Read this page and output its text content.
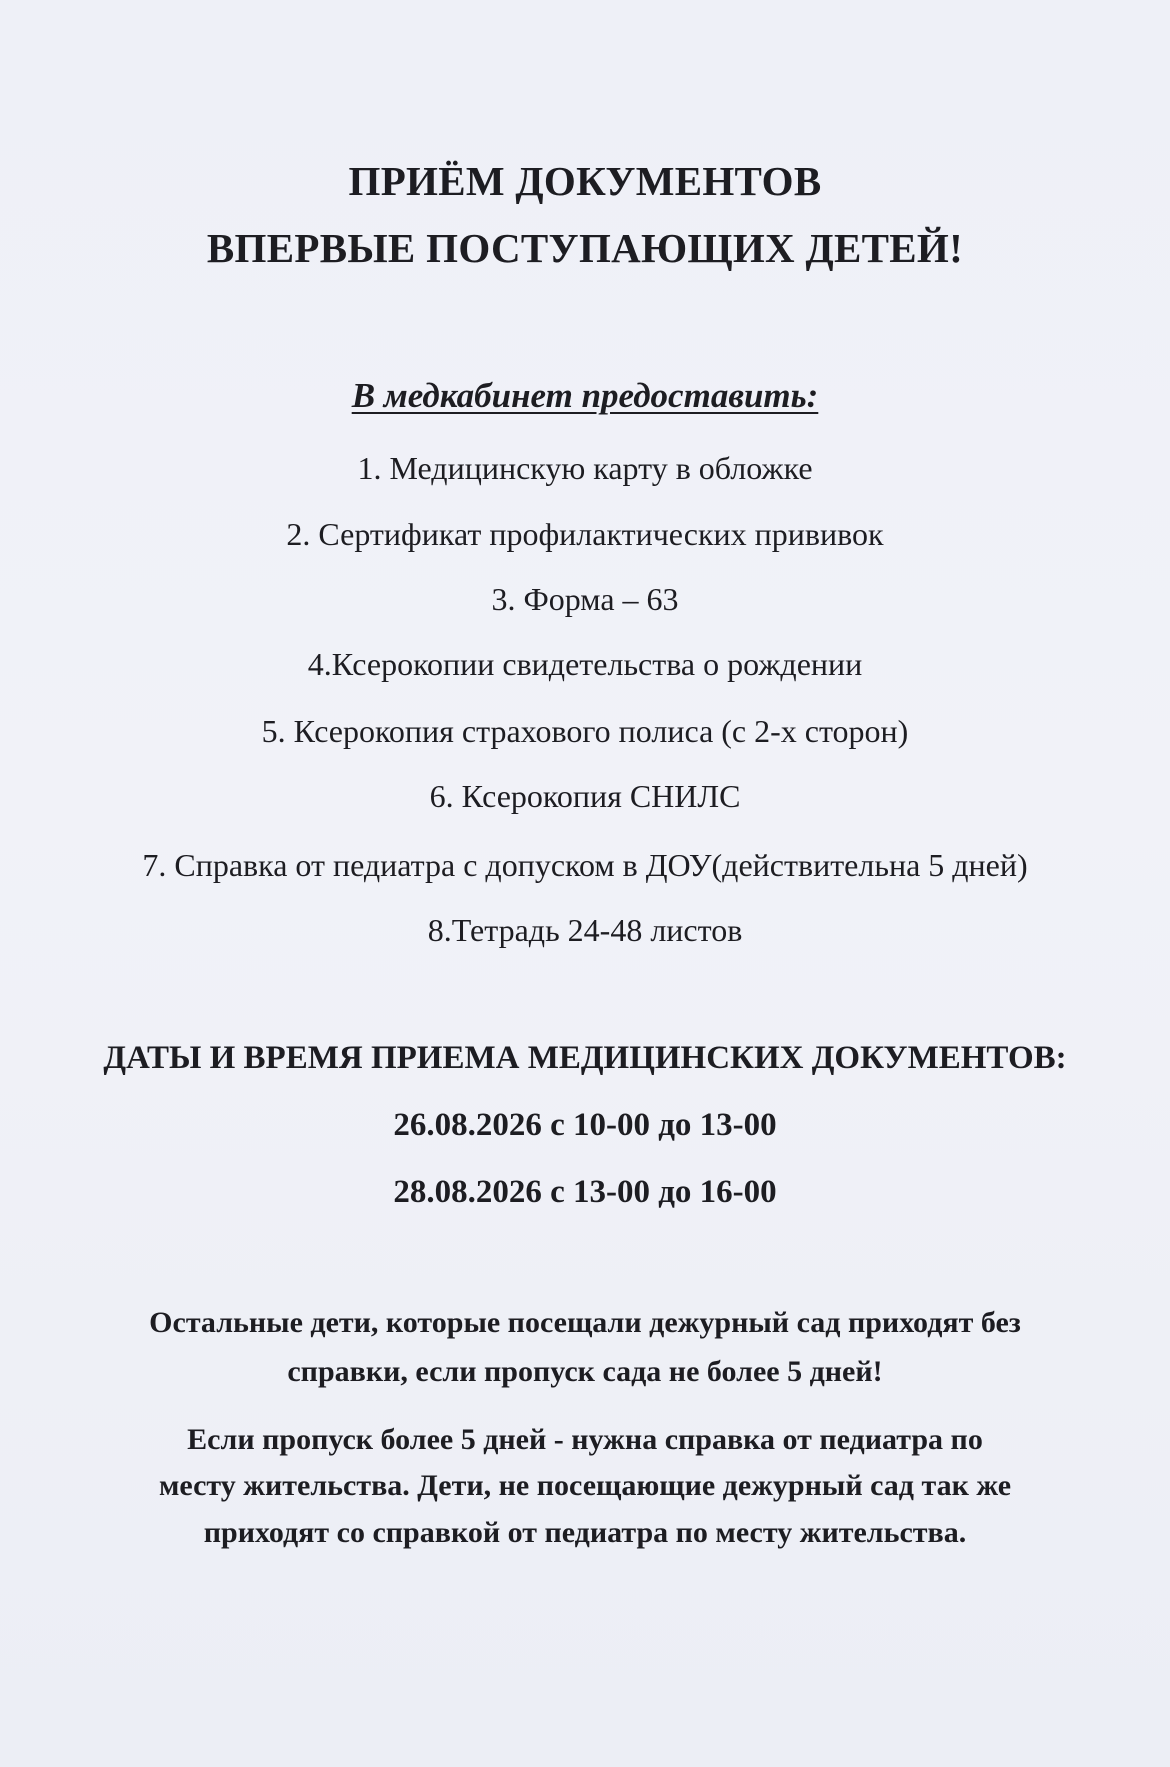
ПРИЁМ ДОКУМЕНТОВ
ВПЕРВЫЕ ПОСТУПАЮЩИХ ДЕТЕЙ!
В медкабинет предоставить:
1. Медицинскую карту в обложке
2. Сертификат профилактических прививок
3. Форма – 63
4.Ксерокопии свидетельства о рождении
5. Ксерокопия страхового полиса (с 2-х сторон)
6. Ксерокопия СНИЛС
7. Справка от педиатра с допуском в ДОУ(действительна 5 дней)
8.Тетрадь 24-48 листов
ДАТЫ И ВРЕМЯ ПРИЕМА МЕДИЦИНСКИХ ДОКУМЕНТОВ:
26.08.2026 с 10-00 до 13-00
28.08.2026 с 13-00 до 16-00
Остальные дети, которые посещали дежурный сад приходят без
справки, если пропуск сада не более 5 дней!
Если пропуск более 5 дней - нужна справка от педиатра по
месту жительства. Дети, не посещающие дежурный сад так же
приходят со справкой от педиатра по месту жительства.
